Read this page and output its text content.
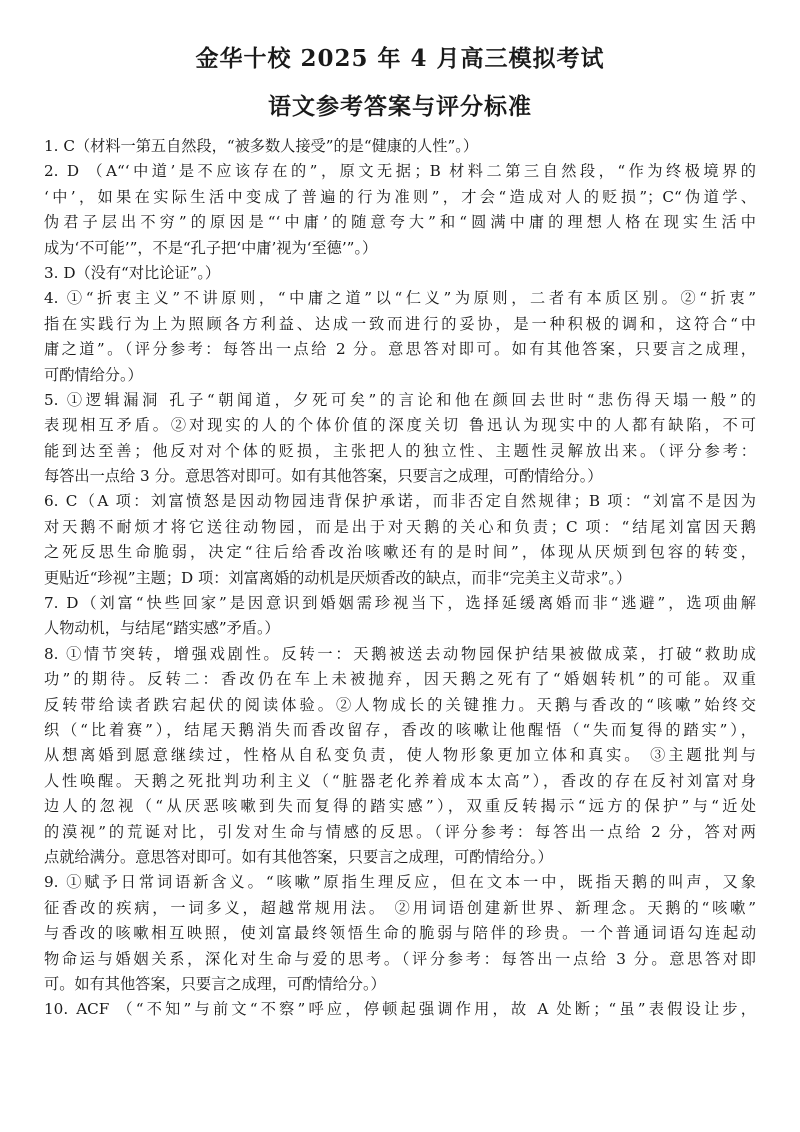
金华十校 2025 年 4 月高三模拟考试
语文参考答案与评分标准
1. C（材料一第五自然段，“被多数人接受”的是“健康的人性”。）
2. D （A“‘中道’是不应该存在的”，原文无据；B 材料二第三自然段，“作为终极境界的
‘中’，如果在实际生活中变成了普遍的行为准则”，才会“造成对人的贬损”；C“伪道学、
伪君子层出不穷”的原因是“‘中庸’的随意夸大”和“圆满中庸的理想人格在现实生活中
成为‘不可能’”，不是“孔子把‘中庸’视为‘至德’”。）
3. D（没有“对比论证”。）
4. ①“折衷主义”不讲原则，“中庸之道”以“仁义”为原则，二者有本质区别。②“折衷”
指在实践行为上为照顾各方利益、达成一致而进行的妥协，是一种积极的调和，这符合“中
庸之道”。（评分参考：每答出一点给 2 分。意思答对即可。如有其他答案，只要言之成理，
可酌情给分。）
5. ①逻辑漏洞 孔子“朝闻道，夕死可矣”的言论和他在颜回去世时“悲伤得天塌一般”的
表现相互矛盾。②对现实的人的个体价值的深度关切 鲁迅认为现实中的人都有缺陷，不可
能到达至善；他反对对个体的贬损，主张把人的独立性、主题性灵解放出来。（评分参考：
每答出一点给 3 分。意思答对即可。如有其他答案，只要言之成理，可酌情给分。）
6. C（A 项：刘富愤怒是因动物园违背保护承诺，而非否定自然规律；B 项：“刘富不是因为
对天鹅不耐烦才将它送往动物园，而是出于对天鹅的关心和负责；C 项：“结尾刘富因天鹅
之死反思生命脆弱，决定“往后给香改治咳嗽还有的是时间”，体现从厌烦到包容的转变，
更贴近“珍视”主题；D 项：刘富离婚的动机是厌烦香改的缺点，而非“完美主义苛求”。）
7. D（刘富“快些回家”是因意识到婚姻需珍视当下，选择延缓离婚而非“逃避”，选项曲解
人物动机，与结尾“踏实感”矛盾。）
8. ①情节突转，增强戏剧性。反转一：天鹅被送去动物园保护结果被做成菜，打破“救助成
功”的期待。反转二：香改仍在车上未被抛弃，因天鹅之死有了“婚姻转机”的可能。双重
反转带给读者跌宕起伏的阅读体验。②人物成长的关键推力。天鹅与香改的“咳嗽”始终交
织（“比着赛”），结尾天鹅消失而香改留存，香改的咳嗽让他醒悟（“失而复得的踏实”），
从想离婚到愿意继续过，性格从自私变负责，使人物形象更加立体和真实。 ③主题批判与
人性唤醒。天鹅之死批判功利主义（“脏器老化养着成本太高”），香改的存在反衬刘富对身
边人的忽视（“从厌恶咳嗽到失而复得的踏实感”），双重反转揭示“远方的保护”与“近处
的漠视”的荒诞对比，引发对生命与情感的反思。（评分参考：每答出一点给 2 分，答对两
点就给满分。意思答对即可。如有其他答案，只要言之成理，可酌情给分。）
9. ①赋予日常词语新含义。“咳嗽”原指生理反应，但在文本一中，既指天鹅的叫声，又象
征香改的疾病，一词多义，超越常规用法。 ②用词语创建新世界、新理念。天鹅的“咳嗽”
与香改的咳嗽相互映照，使刘富最终领悟生命的脆弱与陪伴的珍贵。一个普通词语勾连起动
物命运与婚姻关系，深化对生命与爱的思考。（评分参考：每答出一点给 3 分。意思答对即
可。如有其他答案，只要言之成理，可酌情给分。）
10. ACF （“不知”与前文“不察”呼应，停顿起强调作用，故 A 处断；“虽”表假设让步，
